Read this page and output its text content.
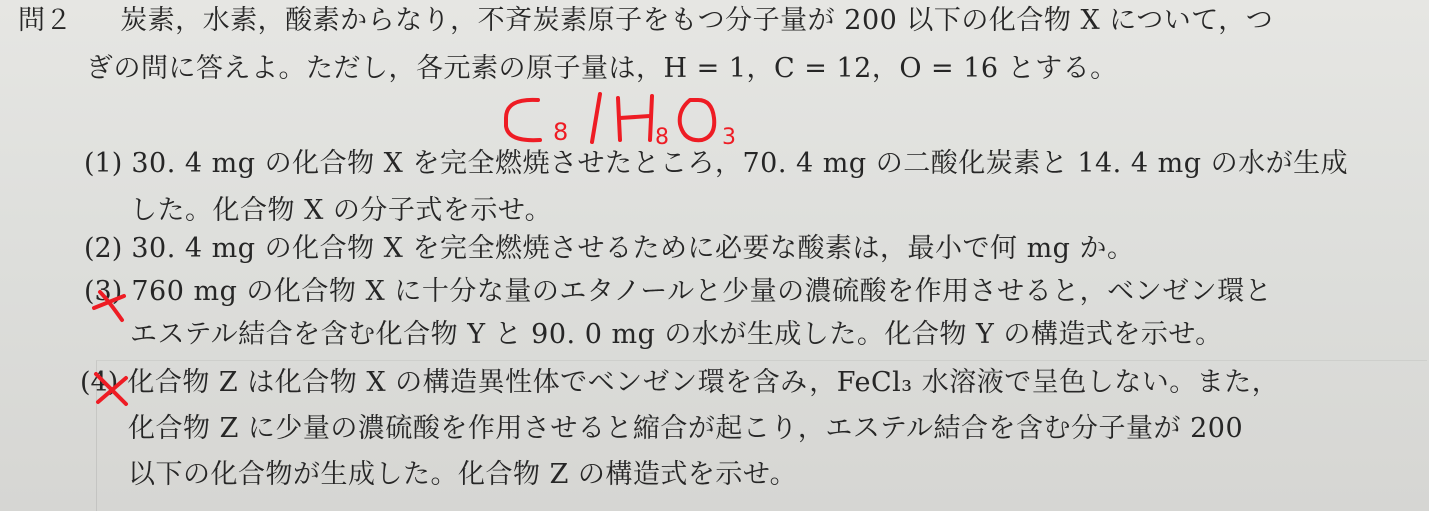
問２ 炭素，水素，酸素からなり，不斉炭素原子をもつ分子量が 200 以下の化合物 X について，つ
ぎの問に答えよ。ただし，各元素の原子量は，H = 1，C = 12，O = 16 とする。
(1) 30. 4 mg の化合物 X を完全燃焼させたところ，70. 4 mg の二酸化炭素と 14. 4 mg の水が生成
した。化合物 X の分子式を示せ。
(2) 30. 4 mg の化合物 X を完全燃焼させるために必要な酸素は，最小で何 mg か。
(3) 760 mg の化合物 X に十分な量のエタノールと少量の濃硫酸を作用させると，ベンゼン環と
エステル結合を含む化合物 Y と 90. 0 mg の水が生成した。化合物 Y の構造式を示せ。
(4) 化合物 Z は化合物 X の構造異性体でベンゼン環を含み，FeCl₃ 水溶液で呈色しない。また，
化合物 Z に少量の濃硫酸を作用させると縮合が起こり，エステル結合を含む分子量が 200
以下の化合物が生成した。化合物 Z の構造式を示せ。
8	8 3
